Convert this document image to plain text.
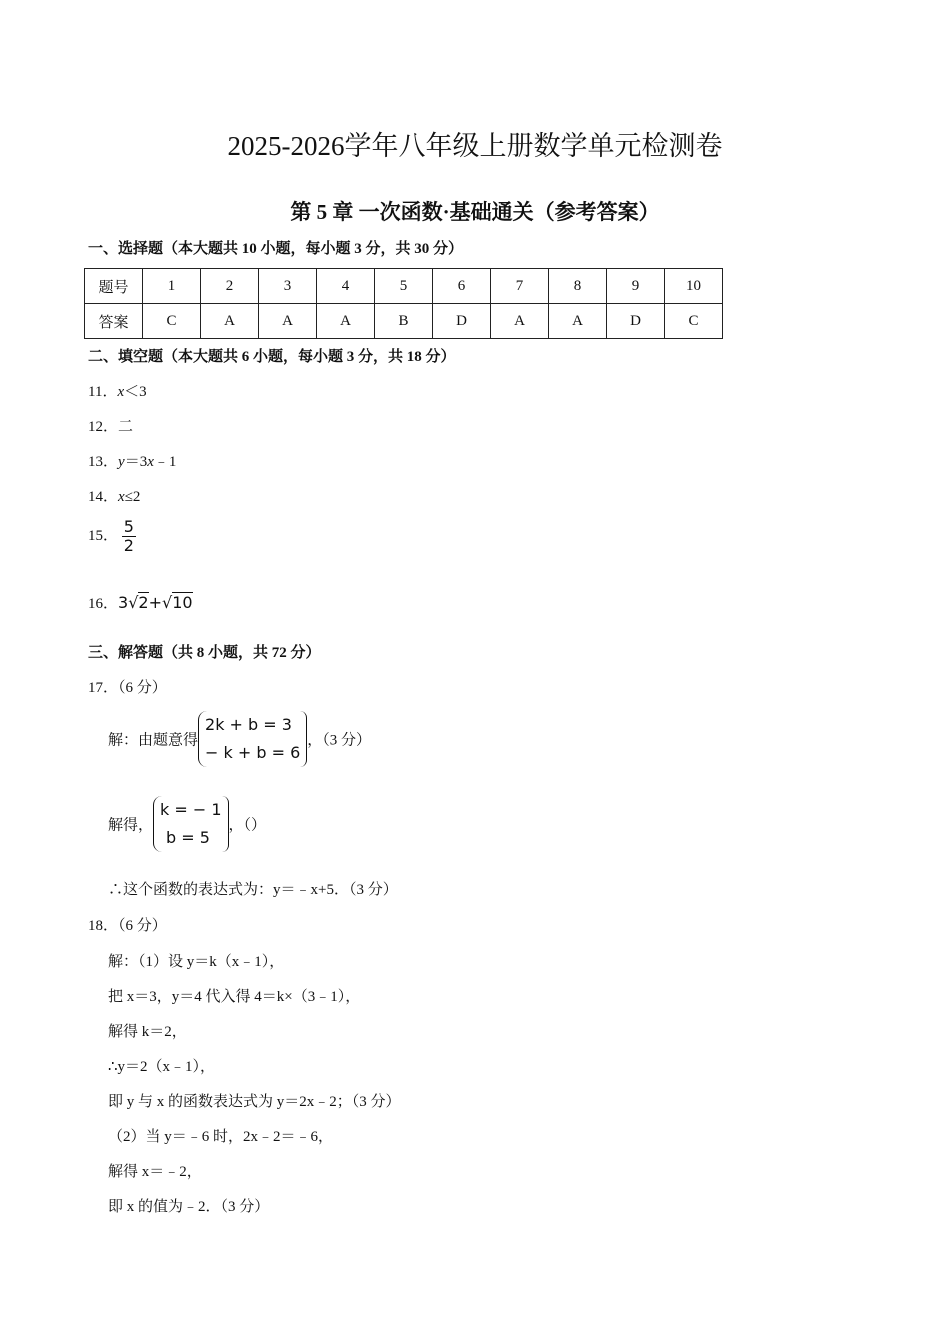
2025-2026学年八年级上册数学单元检测卷
第 5 章 一次函数·基础通关（参考答案）
一、选择题（本大题共 10 小题，每小题 3 分，共 30 分）
题号	1	2	3	4	5	6	7	8	9	10
答案	C	A	A	A	B	D	A	A	D	C
二、填空题（本大题共 6 小题，每小题 3 分，共 18 分）
11．x＜3
12．二
13．y＝3x﹣1
14．x≤2
15． $\frac{5}{2}$
16．3√2+√10
三、解答题（共 8 小题，共 72 分）
17．（6 分）
解：由题意得
2k + b = 3
− k + b = 6
，（3 分）
解得，
k = − 1
b = 5
，（）
∴这个函数的表达式为：y＝﹣x+5．（3 分）
18．（6 分）
解：（1）设 y＝k（x﹣1），
把 x＝3，y＝4 代入得 4＝k×（3﹣1），
解得 k＝2，
∴y＝2（x﹣1），
即 y 与 x 的函数表达式为 y＝2x﹣2；（3 分）
（2）当 y＝﹣6 时，2x﹣2＝﹣6，
解得 x＝﹣2，
即 x 的值为﹣2．（3 分）
